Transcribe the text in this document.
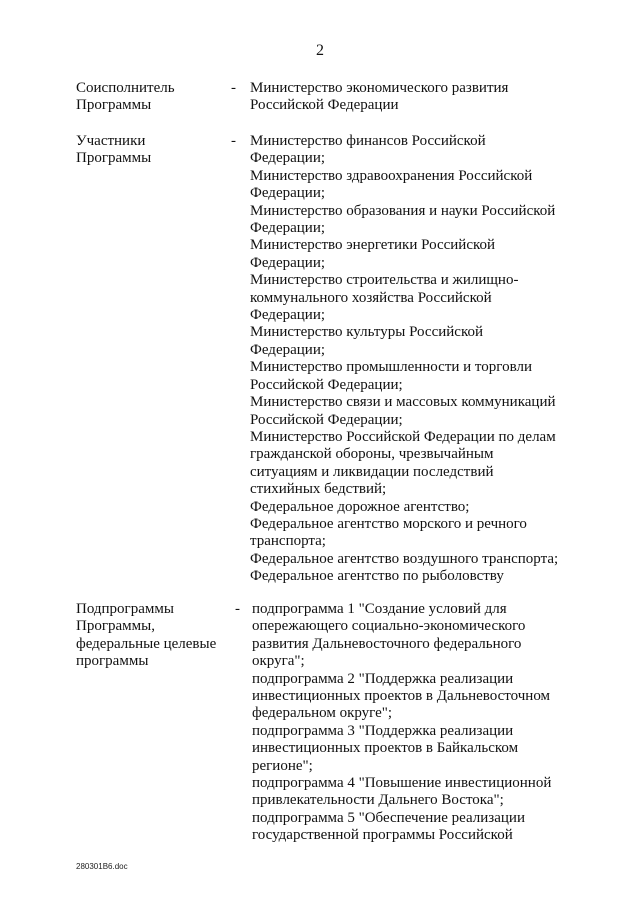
2
Соисполнитель
Программы
- Министерство экономического развития
Российской Федерации
Участники
Программы
- Министерство финансов Российской
Федерации;
Министерство здравоохранения Российской
Федерации;
Министерство образования и науки Российской
Федерации;
Министерство энергетики Российской
Федерации;
Министерство строительства и жилищно-
коммунального хозяйства Российской
Федерации;
Министерство культуры Российской
Федерации;
Министерство промышленности и торговли
Российской Федерации;
Министерство связи и массовых коммуникаций
Российской Федерации;
Министерство Российской Федерации по делам
гражданской обороны, чрезвычайным
ситуациям и ликвидации последствий
стихийных бедствий;
Федеральное дорожное агентство;
Федеральное агентство морского и речного
транспорта;
Федеральное агентство воздушного транспорта;
Федеральное агентство по рыболовству
Подпрограммы
Программы,
федеральные целевые
программы
- подпрограмма 1 "Создание условий для
опережающего социально-экономического
развития Дальневосточного федерального
округа";
подпрограмма 2 "Поддержка реализации
инвестиционных проектов в Дальневосточном
федеральном округе";
подпрограмма 3 "Поддержка реализации
инвестиционных проектов в Байкальском
регионе";
подпрограмма 4 "Повышение инвестиционной
привлекательности Дальнего Востока";
подпрограмма 5 "Обеспечение реализации
государственной программы Российской
280301B6.doc
